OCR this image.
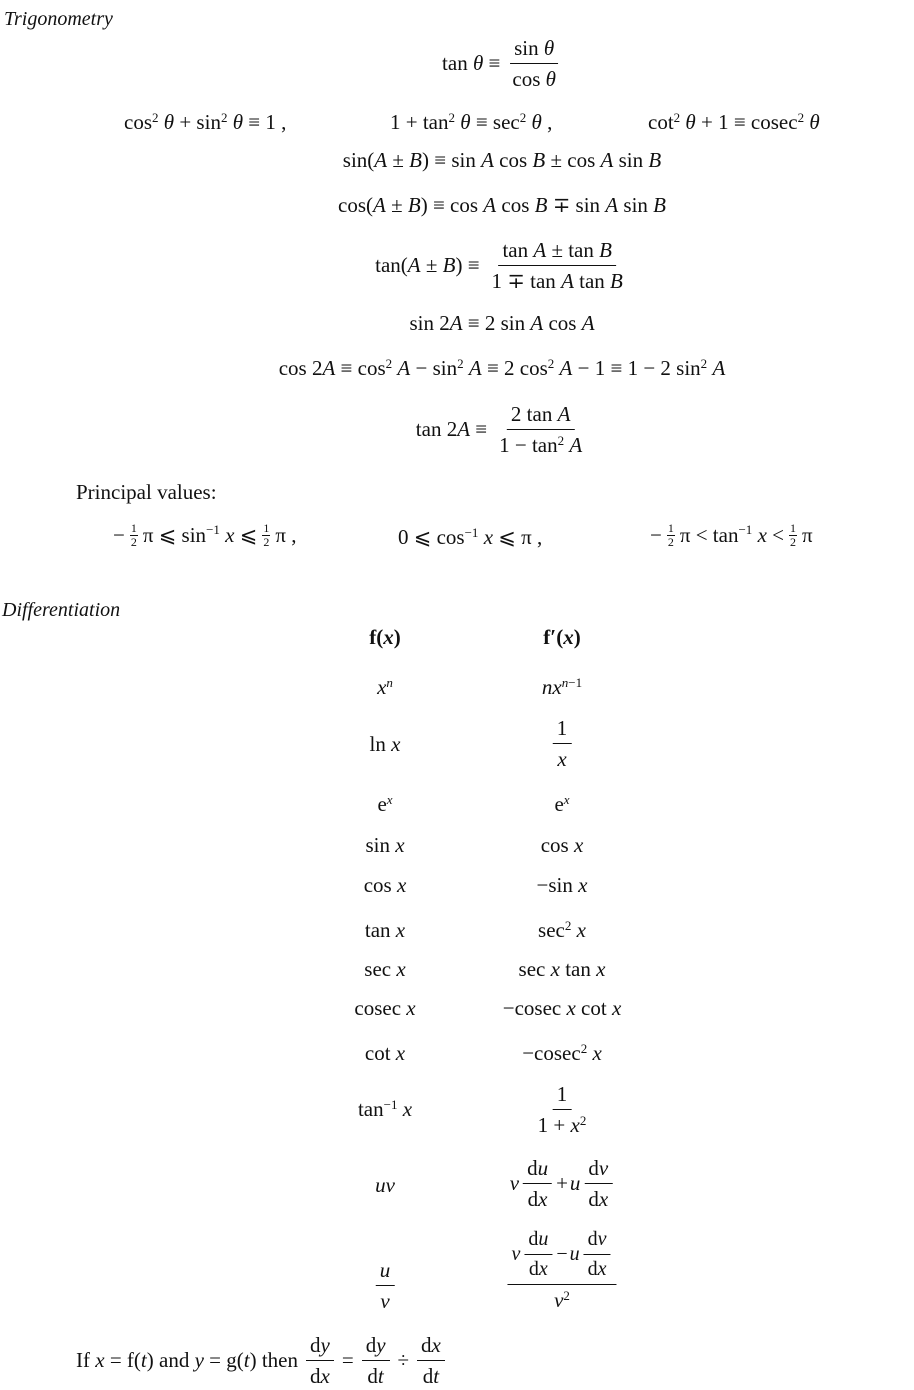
Trigonometry
$\tan \theta \equiv \frac{\text{sin θ}}{\text{cos θ}}$
$\cos^2 \theta + \sin^2 \theta \equiv 1$ ,	$1 + \tan^2 \theta \equiv \sec^2 \theta$ ,	$\cot^2 \theta + 1 \equiv cosec^2$ θ
sin(A ± B) ≡ sin A cos B ± cos A sin B
cos(A ± B) ≡ cos A cos B ∓ sin A sin B
$\tan(A \pm B) \equiv \frac{\text{tan A ± tan B}}{\text{1 ∓ tan A tan B}}$
sin 2A ≡ 2 sin A cos A
$\cos 2A \equiv \cos^2 A - \sin^2 A \equiv 2$ $\cos^2 A - 1 \equiv 1 - 2$ $\sin^2 A$
$\tan 2A \equiv \frac{\text{2 tan A}}{1 - \tan^2 A}$
Principal values:
− $\frac{1}{2}$ π ⩽ $\sin^{-1} x$ ⩽ $\frac{1}{2}$ π ,	0 ⩽ $\cos^{-1} x$ ⩽ π ,	− $\frac{1}{2}$ $\pi < \tan^{-1} x < \frac{1}{2}$ π
Differentiation
f(x)	f′(x)
$x^n$	$nx^{n-1}$
ln x	$\frac{1}{x}$
$e^x$	$e^x$
sin x	cos x
cos x	−sin x
tan x	$\sec^2 x$
sec x	sec x tan x
cosec x	−cosec x cot x
cot x	−cosec$^2$ x
$\tan^{-1} x$	$\frac{1}{1 + x^2}$
uv	v $\frac{du}{dx} + u \frac{dv}{dx}$
$\frac{u}{v}$	$\frac{v \frac{du}{dx} - u \frac{dv}{dx}}{v^2}$
If x = f(t) and y = g(t) then $\frac{dy}{dx} = \frac{dy}{dt} \div \frac{dx}{dt}$
